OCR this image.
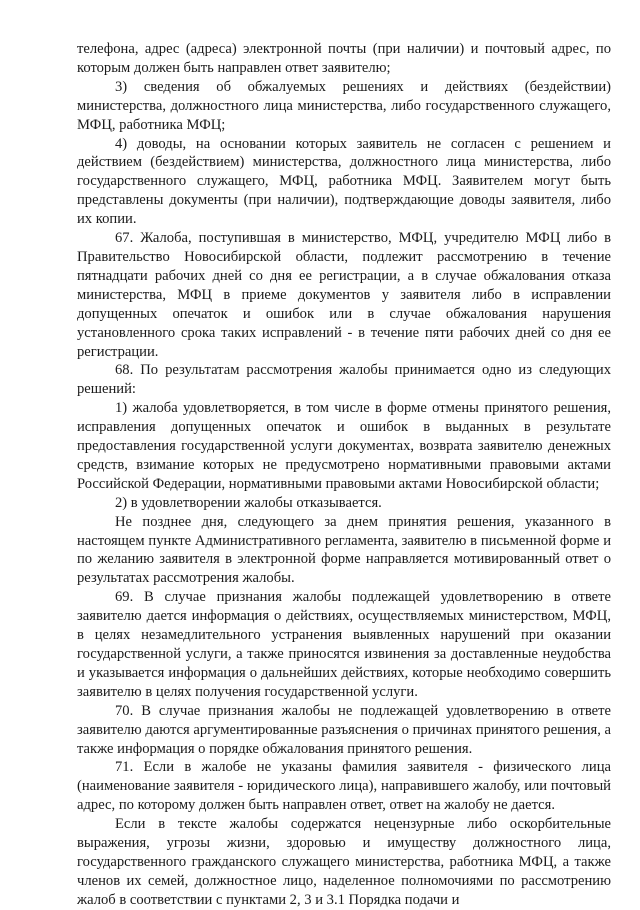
телефона, адрес (адреса) электронной почты (при наличии) и почтовый адрес, по которым должен быть направлен ответ заявителю;

3) сведения об обжалуемых решениях и действиях (бездействии) министерства, должностного лица министерства, либо государственного служащего, МФЦ, работника МФЦ;

4) доводы, на основании которых заявитель не согласен с решением и действием (бездействием) министерства, должностного лица министерства, либо государственного служащего, МФЦ, работника МФЦ. Заявителем могут быть представлены документы (при наличии), подтверждающие доводы заявителя, либо их копии.

67. Жалоба, поступившая в министерство, МФЦ, учредителю МФЦ либо в Правительство Новосибирской области, подлежит рассмотрению в течение пятнадцати рабочих дней со дня ее регистрации, а в случае обжалования отказа министерства, МФЦ в приеме документов у заявителя либо в исправлении допущенных опечаток и ошибок или в случае обжалования нарушения установленного срока таких исправлений - в течение пяти рабочих дней со дня ее регистрации.

68. По результатам рассмотрения жалобы принимается одно из следующих решений:

1) жалоба удовлетворяется, в том числе в форме отмены принятого решения, исправления допущенных опечаток и ошибок в выданных в результате предоставления государственной услуги документах, возврата заявителю денежных средств, взимание которых не предусмотрено нормативными правовыми актами Российской Федерации, нормативными правовыми актами Новосибирской области;

2) в удовлетворении жалобы отказывается.

Не позднее дня, следующего за днем принятия решения, указанного в настоящем пункте Административного регламента, заявителю в письменной форме и по желанию заявителя в электронной форме направляется мотивированный ответ о результатах рассмотрения жалобы.

69. В случае признания жалобы подлежащей удовлетворению в ответе заявителю дается информация о действиях, осуществляемых министерством, МФЦ, в целях незамедлительного устранения выявленных нарушений при оказании государственной услуги, а также приносятся извинения за доставленные неудобства и указывается информация о дальнейших действиях, которые необходимо совершить заявителю в целях получения государственной услуги.

70. В случае признания жалобы не подлежащей удовлетворению в ответе заявителю даются аргументированные разъяснения о причинах принятого решения, а также информация о порядке обжалования принятого решения.

71. Если в жалобе не указаны фамилия заявителя - физического лица (наименование заявителя - юридического лица), направившего жалобу, или почтовый адрес, по которому должен быть направлен ответ, ответ на жалобу не дается.

Если в тексте жалобы содержатся нецензурные либо оскорбительные выражения, угрозы жизни, здоровью и имуществу должностного лица, государственного гражданского служащего министерства, работника МФЦ, а также членов их семей, должностное лицо, наделенное полномочиями по рассмотрению жалоб в соответствии с пунктами 2, 3 и 3.1 Порядка подачи и
